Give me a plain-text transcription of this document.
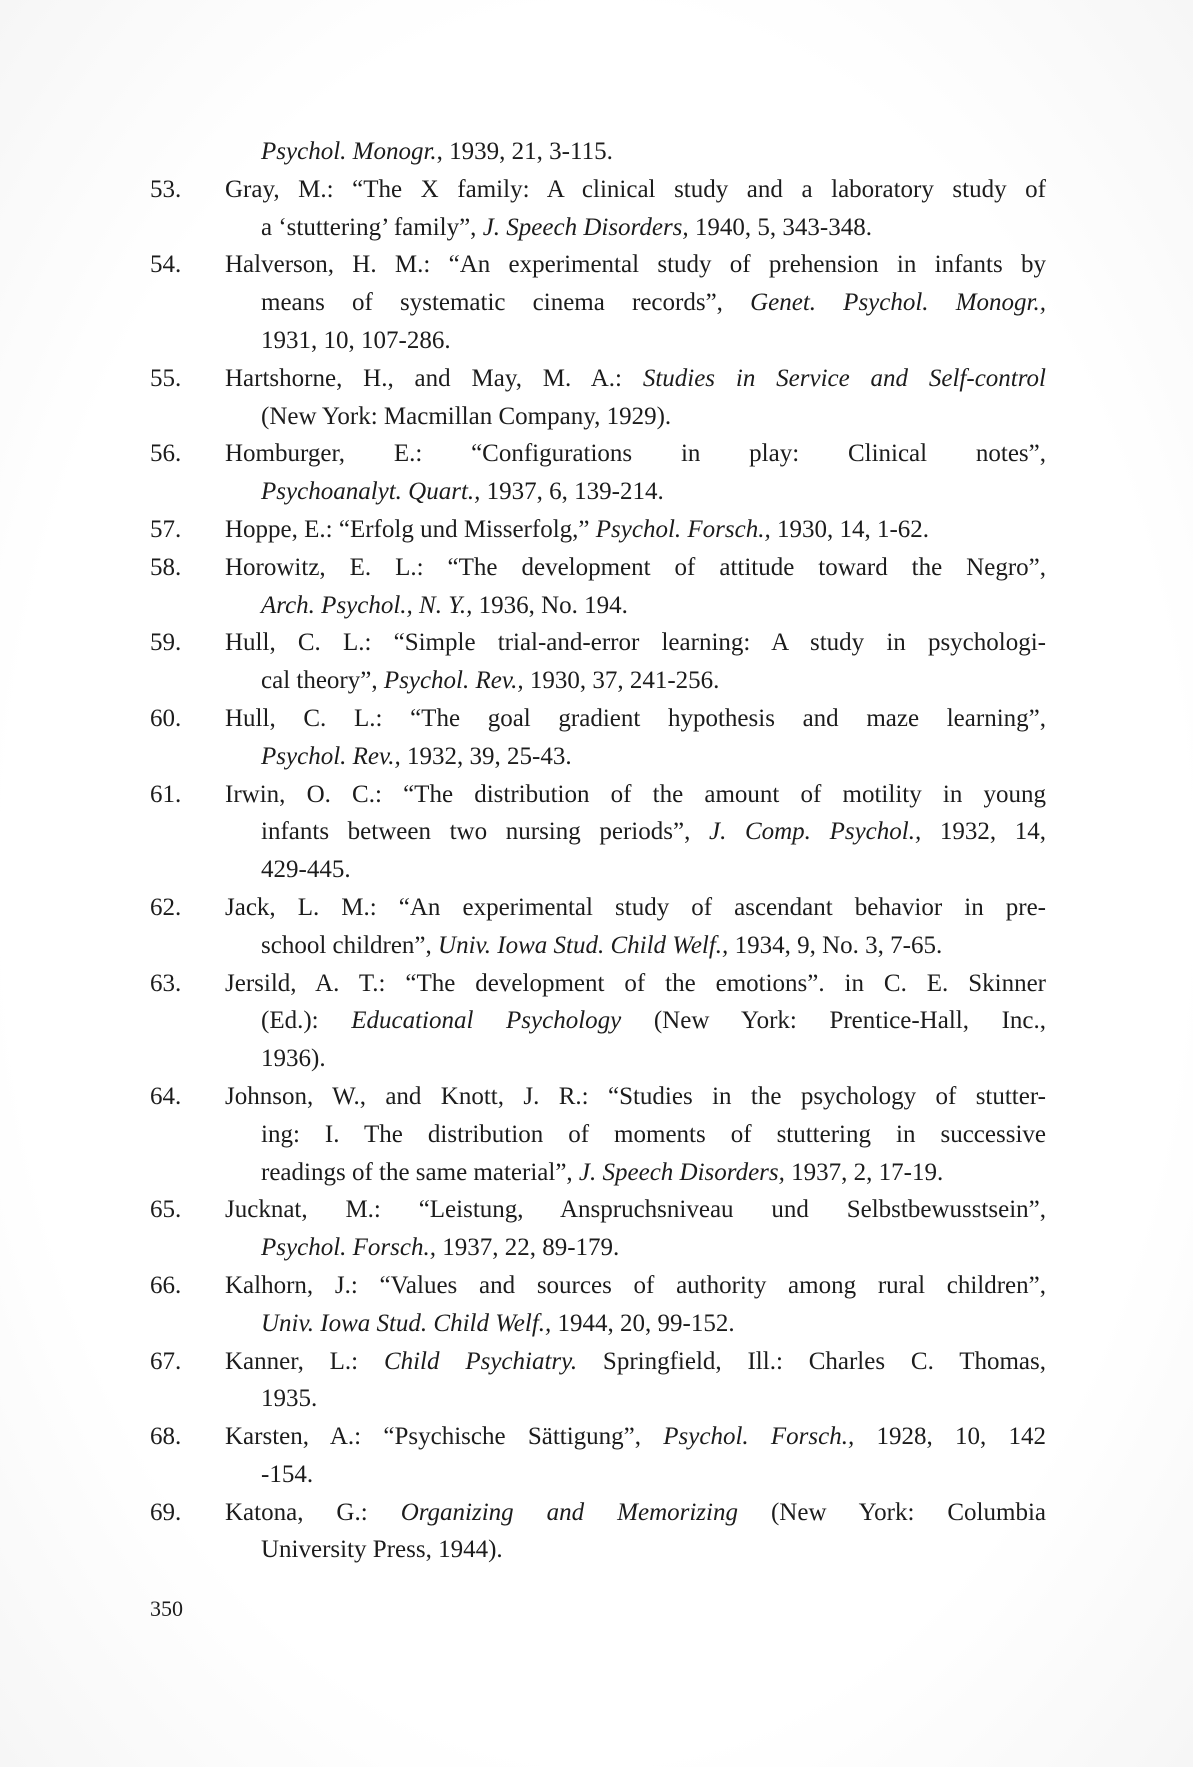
Psychol. Monogr., 1939, 21, 3-115.
53. Gray, M.: “The X family: A clinical study and a laboratory study of
a ‘stuttering’ family”, J. Speech Disorders, 1940, 5, 343-348.
54. Halverson, H. M.: “An experimental study of prehension in infants by
means of systematic cinema records”, Genet. Psychol. Monogr.,
1931, 10, 107-286.
55. Hartshorne, H., and May, M. A.: Studies in Service and Self-control
(New York: Macmillan Company, 1929).
56. Homburger, E.: “Configurations in play: Clinical notes”,
Psychoanalyt. Quart., 1937, 6, 139-214.
57. Hoppe, E.: “Erfolg und Misserfolg,” Psychol. Forsch., 1930, 14, 1-62.
58. Horowitz, E. L.: “The development of attitude toward the Negro”,
Arch. Psychol., N. Y., 1936, No. 194.
59. Hull, C. L.: “Simple trial-and-error learning: A study in psychologi-
cal theory”, Psychol. Rev., 1930, 37, 241-256.
60. Hull, C. L.: “The goal gradient hypothesis and maze learning”,
Psychol. Rev., 1932, 39, 25-43.
61. Irwin, O. C.: “The distribution of the amount of motility in young
infants between two nursing periods”, J. Comp. Psychol., 1932, 14,
429-445.
62. Jack, L. M.: “An experimental study of ascendant behavior in pre-
school children”, Univ. Iowa Stud. Child Welf., 1934, 9, No. 3, 7-65.
63. Jersild, A. T.: “The development of the emotions”. in C. E. Skinner
(Ed.): Educational Psychology (New York: Prentice-Hall, Inc.,
1936).
64. Johnson, W., and Knott, J. R.: “Studies in the psychology of stutter-
ing: I. The distribution of moments of stuttering in successive
readings of the same material”, J. Speech Disorders, 1937, 2, 17-19.
65. Jucknat, M.: “Leistung, Anspruchsniveau und Selbstbewusstsein”,
Psychol. Forsch., 1937, 22, 89-179.
66. Kalhorn, J.: “Values and sources of authority among rural children”,
Univ. Iowa Stud. Child Welf., 1944, 20, 99-152.
67. Kanner, L.: Child Psychiatry. Springfield, Ill.: Charles C. Thomas,
1935.
68. Karsten, A.: “Psychische Sättigung”, Psychol. Forsch., 1928, 10, 142
-154.
69. Katona, G.: Organizing and Memorizing (New York: Columbia
University Press, 1944).
350
